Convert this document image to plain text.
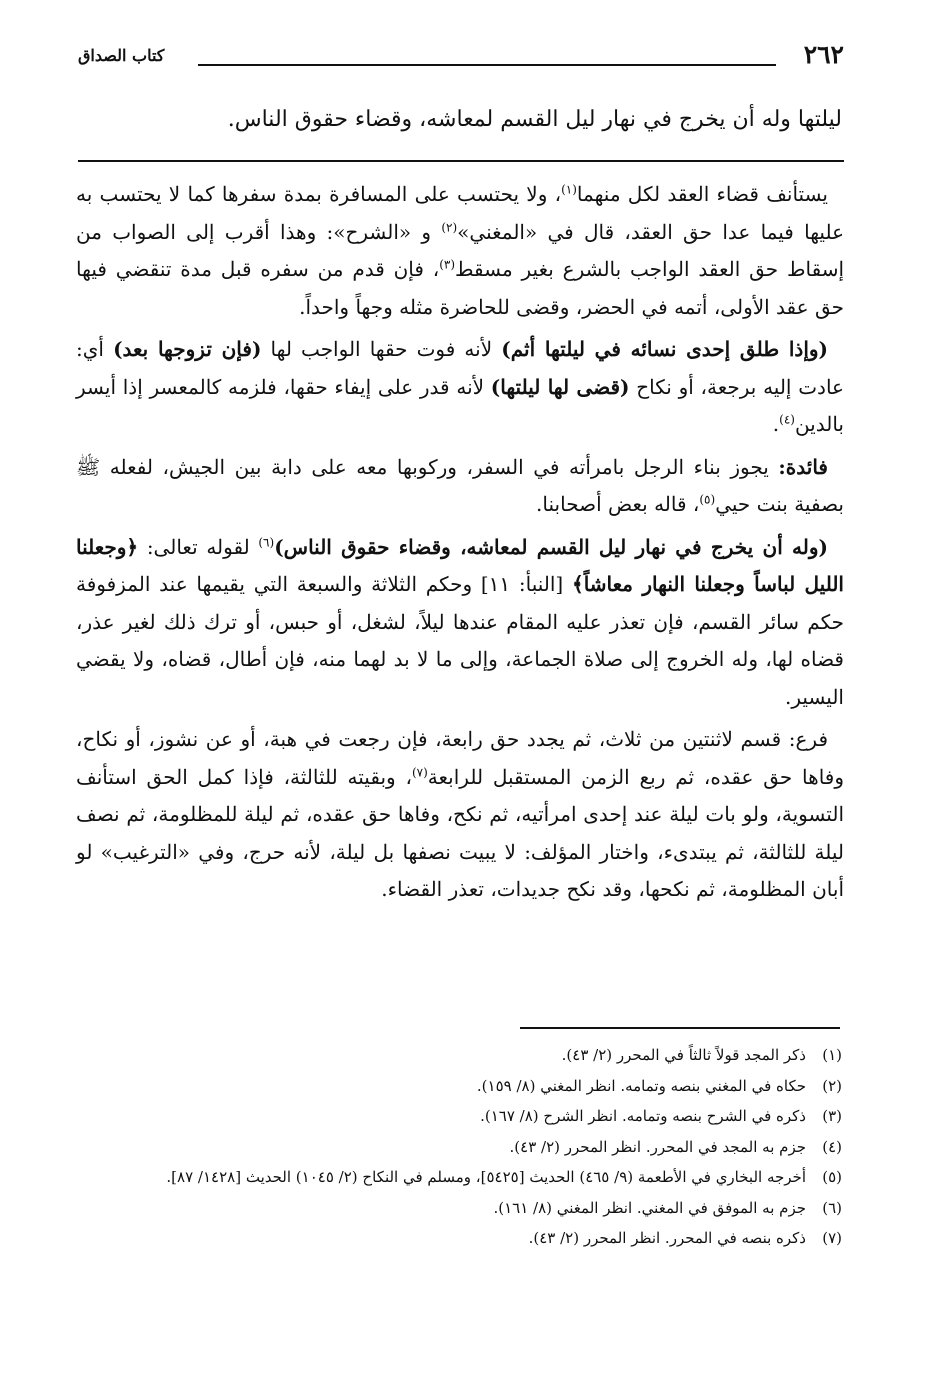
٢٦٢
كتاب الصداق
ليلتها وله أن يخرج في نهار ليل القسم لمعاشه، وقضاء حقوق الناس.

يستأنف قضاء العقد لكل منهما$^{(١)}$، ولا يحتسب على المسافرة بمدة سفرها كما لا يحتسب به عليها فيما عدا حق العقد، قال في «المغني»$^{(٢)}$ و «الشرح»: وهذا أقرب إلى الصواب من إسقاط حق العقد الواجب بالشرع بغير مسقط$^{(٣)}$، فإن قدم من سفره قبل مدة تنقضي فيها حق عقد الأولى، أتمه في الحضر، وقضى للحاضرة مثله وجهاً واحداً.

(وإذا طلق إحدى نسائه في ليلتها أثم) لأنه فوت حقها الواجب لها (فإن تزوجها بعد) أي: عادت إليه برجعة، أو نكاح (قضى لها ليلتها) لأنه قدر على إيفاء حقها، فلزمه كالمعسر إذا أيسر بالدين$^{(٤)}$.

فائدة: يجوز بناء الرجل بامرأته في السفر، وركوبها معه على دابة بين الجيش، لفعله ﷺ بصفية بنت حيي$^{(٥)}$، قاله بعض أصحابنا.

(وله أن يخرج في نهار ليل القسم لمعاشه، وقضاء حقوق الناس)$^{(٦)}$ لقوله تعالى: ﴿وجعلنا الليل لباساً وجعلنا النهار معاشاً﴾ [النبأ: ١١] وحكم الثلاثة والسبعة التي يقيمها عند المزفوفة حكم سائر القسم، فإن تعذر عليه المقام عندها ليلاً، لشغل، أو حبس، أو ترك ذلك لغير عذر، قضاه لها، وله الخروج إلى صلاة الجماعة، وإلى ما لا بد لهما منه، فإن أطال، قضاه، ولا يقضي اليسير.

فرع: قسم لاثنتين من ثلاث، ثم يجدد حق رابعة، فإن رجعت في هبة، أو عن نشوز، أو نكاح، وفاها حق عقده، ثم ربع الزمن المستقبل للرابعة$^{(٧)}$، وبقيته للثالثة، فإذا كمل الحق استأنف التسوية، ولو بات ليلة عند إحدى امرأتيه، ثم نكح، وفاها حق عقده، ثم ليلة للمظلومة، ثم نصف ليلة للثالثة، ثم يبتدىء، واختار المؤلف: لا يبيت نصفها بل ليلة، لأنه حرج، وفي «الترغيب» لو أبان المظلومة، ثم نكحها، وقد نكح جديدات، تعذر القضاء.

(١)
ذكر المجد قولاً ثالثاً في المحرر (٢/ ٤٣).
(٢)
حكاه في المغني بنصه وتمامه. انظر المغني (٨/ ١٥٩).
(٣)
ذكره في الشرح بنصه وتمامه. انظر الشرح (٨/ ١٦٧).
(٤)
جزم به المجد في المحرر. انظر المحرر (٢/ ٤٣).
(٥)
أخرجه البخاري في الأطعمة (٩/ ٤٦٥) الحديث [٥٤٢٥]، ومسلم في النكاح (٢/ ١٠٤٥) الحديث [١٤٢٨/ ٨٧].
(٦)
جزم به الموفق في المغني. انظر المغني (٨/ ١٦١).
(٧)
ذكره بنصه في المحرر. انظر المحرر (٢/ ٤٣).
